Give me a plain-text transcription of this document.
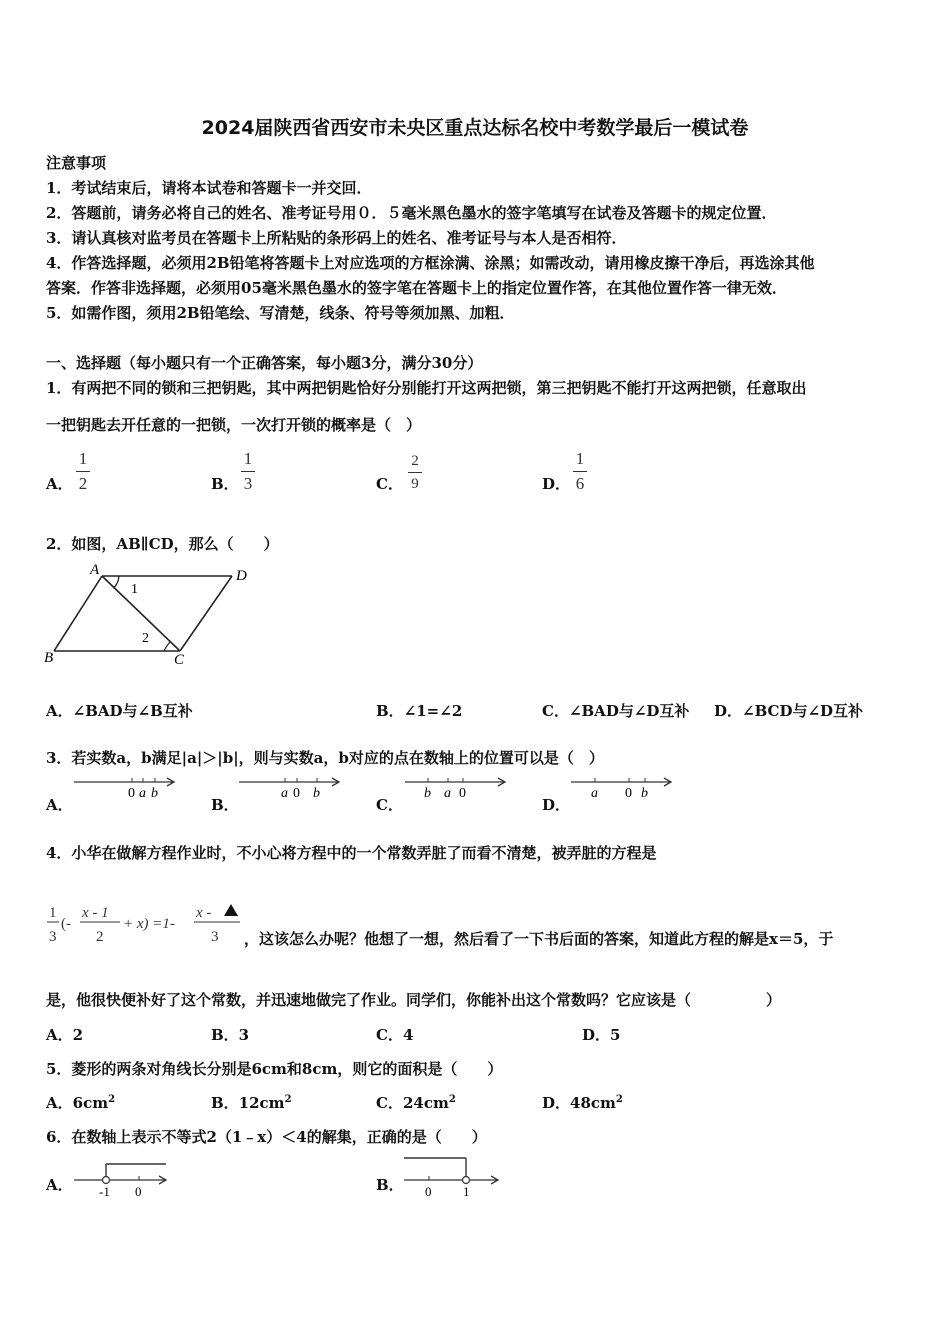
2024届陕西省西安市未央区重点达标名校中考数学最后一模试卷
注意事项
1．考试结束后，请将本试卷和答题卡一并交回．
2．答题前，请务必将自己的姓名、准考证号用０．５毫米黑色墨水的签字笔填写在试卷及答题卡的规定位置．
3．请认真核对监考员在答题卡上所粘贴的条形码上的姓名、准考证号与本人是否相符．
4．作答选择题，必须用2B铅笔将答题卡上对应选项的方框涂满、涂黑；如需改动，请用橡皮擦干净后，再选涂其他
答案．作答非选择题，必须用05毫米黑色墨水的签字笔在答题卡上的指定位置作答，在其他位置作答一律无效．
5．如需作图，须用2B铅笔绘、写清楚，线条、符号等须加黑、加粗．
一、选择题（每小题只有一个正确答案，每小题3分，满分30分）
1．有两把不同的锁和三把钥匙，其中两把钥匙恰好分别能打开这两把锁，第三把钥匙不能打开这两把锁，任意取出
一把钥匙去开任意的一把锁，一次打开锁的概率是（　）
A．
1
2	B．
1
3	C．
2
9	D．
1
6
2．如图，AB∥CD，那么（　　）
A	D
B	C
1
2
A．∠BAD与∠B互补	B．∠1=∠2	C．∠BAD与∠D互补 D．∠BCD与∠D互补
3．若实数a，b满足|a|＞|b|，则与实数a，b对应的点在数轴上的位置可以是（　）
A．
0 a b
B．
a 0 b
C．
b a 0
D．
a 0 b
4．小华在做解方程作业时，不小心将方程中的一个常数弄脏了而看不清楚，被弄脏的方程是
1
3
(-
x - 1
2
+ x) =1-
x -
3 ，这该怎么办呢？他想了一想，然后看了一下书后面的答案，知道此方程的解是x＝5，于
是，他很快便补好了这个常数，并迅速地做完了作业。同学们，你能补出这个常数吗？它应该是（　　　　　）
A．2	B．3	C．4	D．5
5．菱形的两条对角线长分别是6cm和8cm，则它的面积是（　　）
A．$6cm^2$	B．$12cm^2$	C．$24cm^2$	D．$48cm^2$
6．在数轴上表示不等式2（1﹣x）＜4的解集，正确的是（　　）
A． -1 0	B． 0 1
